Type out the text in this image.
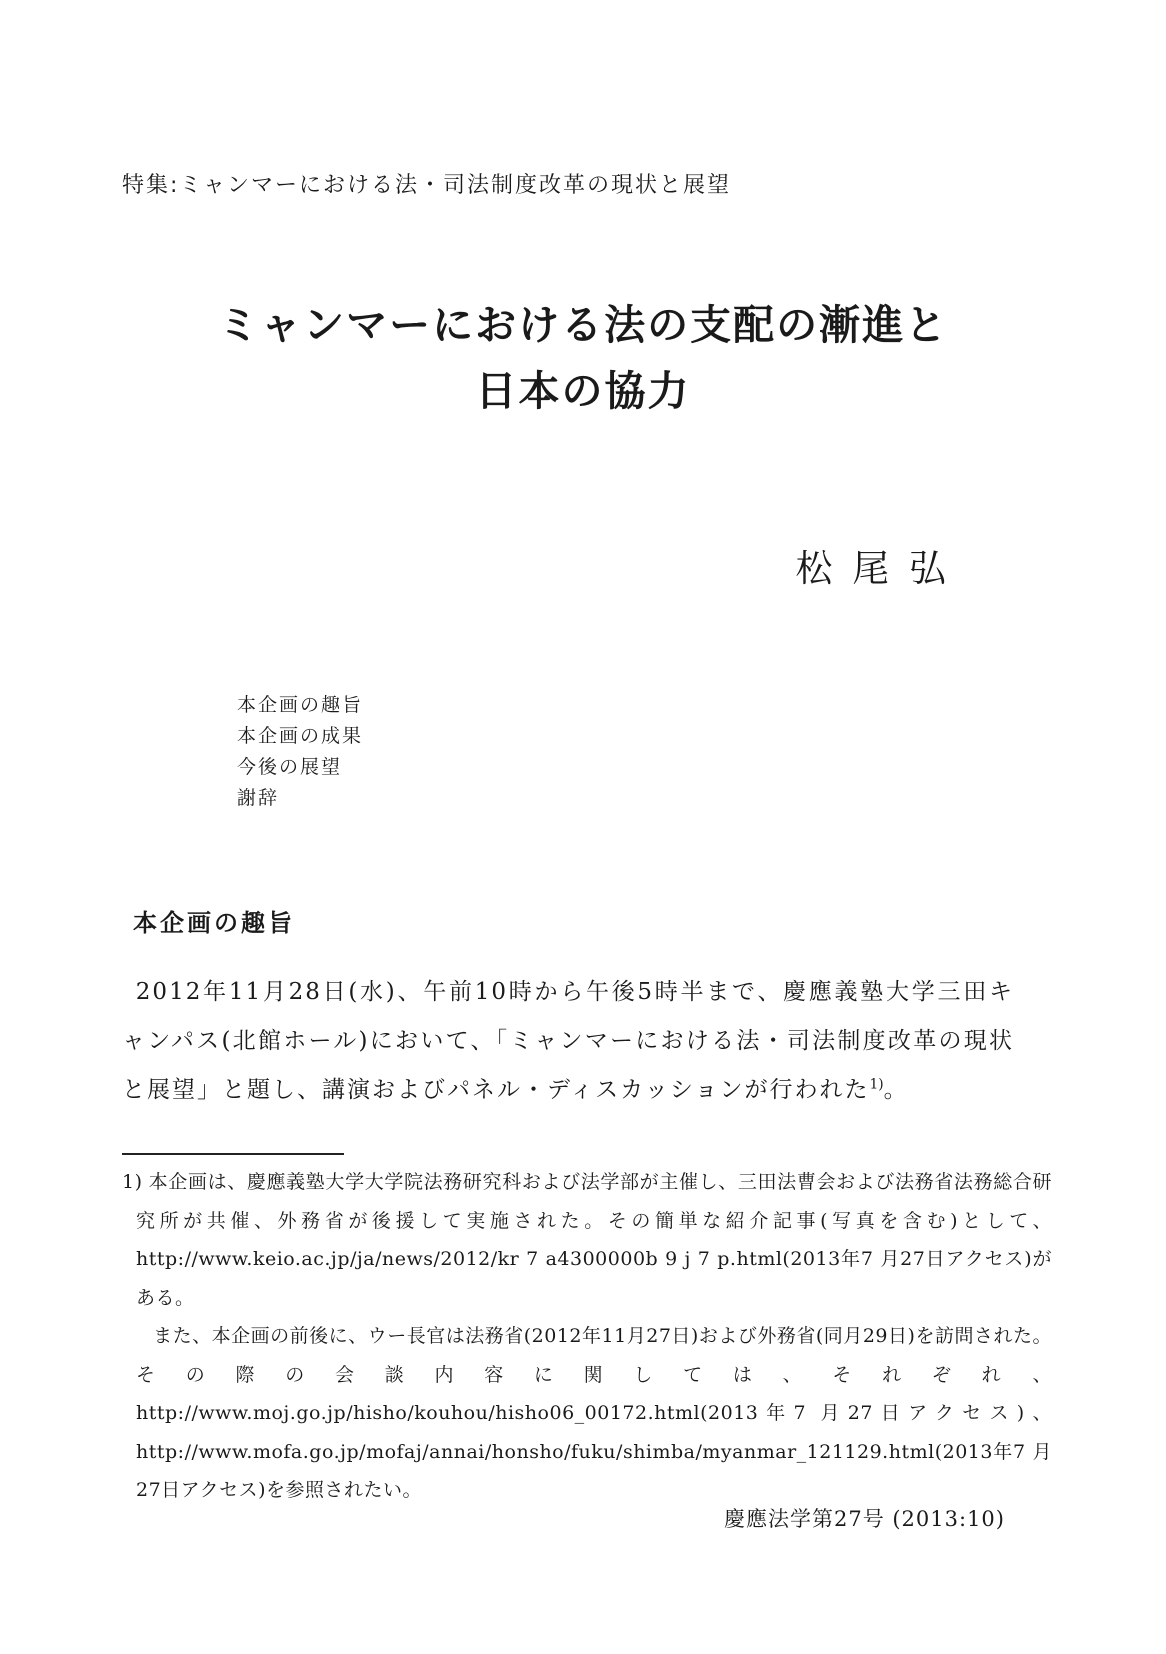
特集:ミャンマーにおける法・司法制度改革の現状と展望
ミャンマーにおける法の支配の漸進と
日本の協力
松 尾 弘
本企画の趣旨
本企画の成果
今後の展望
謝辞
本企画の趣旨

2012年11月28日(水)、午前10時から午後5時半まで、慶應義塾大学三田キャンパス(北館ホール)において、「ミャンマーにおける法・司法制度改革の現状と展望」と題し、講演およびパネル・ディスカッションが行われた$^{1)}$。

1) 本企画は、慶應義塾大学大学院法務研究科および法学部が主催し、三田法曹会および法務省法務総合研究所が共催、外務省が後援して実施された。その簡単な紹介記事(写真を含む)として、http://www.keio.ac.jp/ja/news/2012/kr 7 a4300000b 9 j 7 p.html(2013年7 月27日アクセス)がある。

また、本企画の前後に、ウー長官は法務省(2012年11月27日)および外務省(同月29日)を訪問された。その際の会談内容に関しては、それぞれ、http://www.moj.go.jp/hisho/kouhou/hisho06_00172.html(2013年7 月27日アクセス)、http://www.mofa.go.jp/mofaj/annai/honsho/fuku/shimba/myanmar_121129.html(2013年7 月27日アクセス)を参照されたい。

慶應法学第27号 (2013:10)
